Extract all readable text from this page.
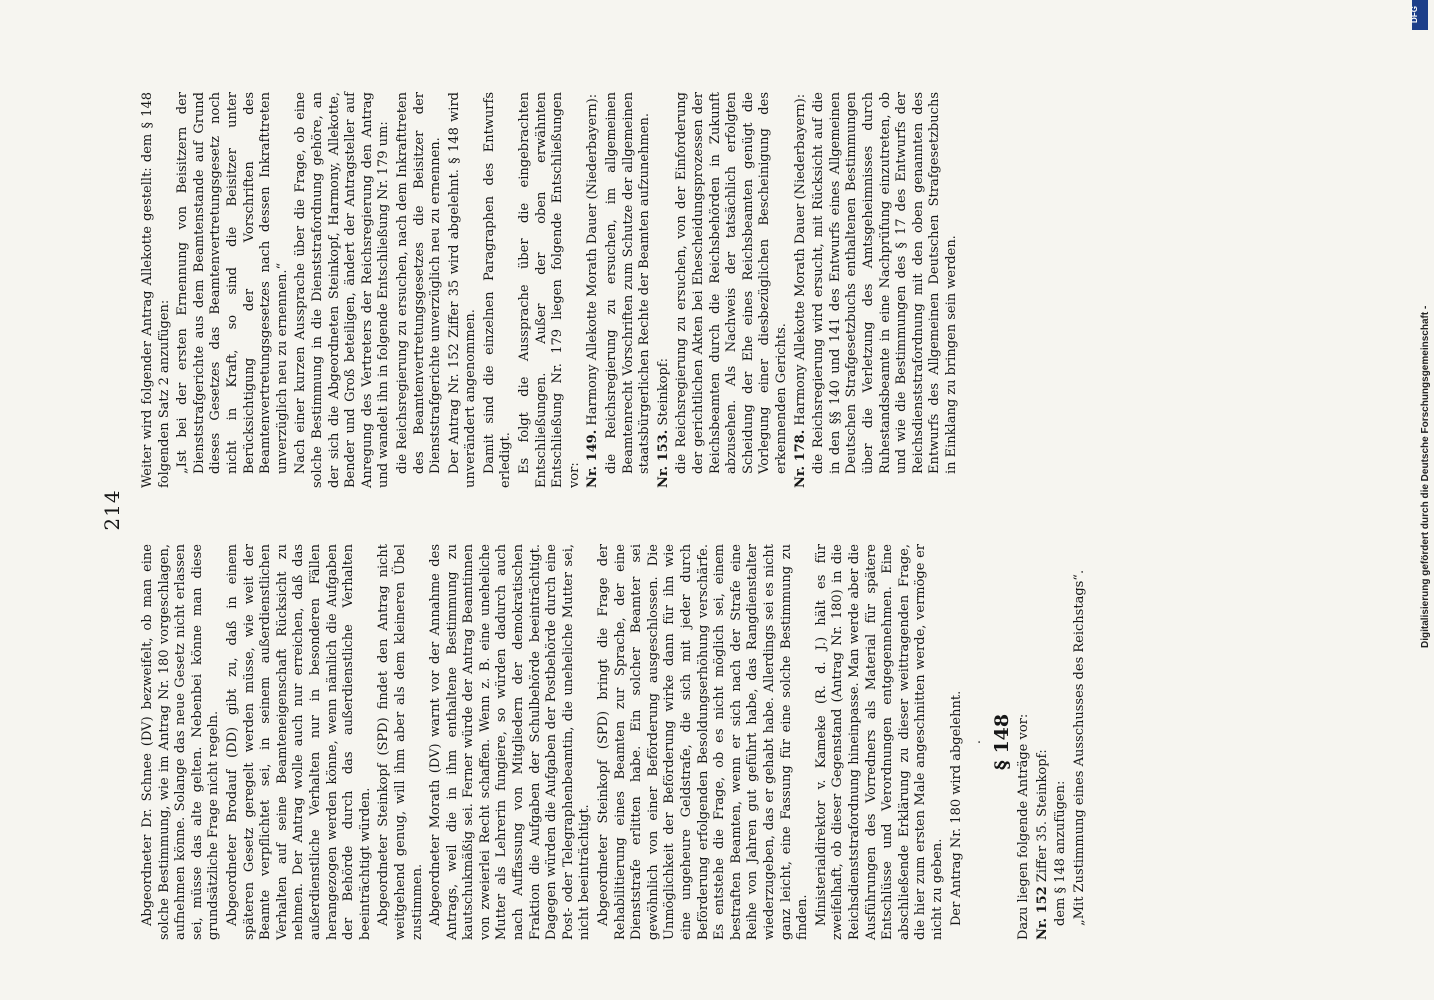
214

Abgeordneter Dr. Schnee (DV) bezweifelt, ob man eine solche Bestimmung, wie im Antrag Nr. 180 vorgeschlagen, aufnehmen könne. Solange das neue Gesetz nicht erlassen sei, müsse das alte gelten. Nebenbei könne man diese grundsätzliche Frage nicht regeln. Abgeordneter Brodauf (DD) gibt zu, daß in einem späteren Gesetz geregelt werden müsse, wie weit der Beamte verpflichtet sei, in seinem außerdienstlichen Verhalten auf seine Beamteneigenschaft Rücksicht zu nehmen. Der Antrag wolle auch nur erreichen, daß das außerdienstliche Verhalten nur in besonderen Fällen herangezogen werden könne, wenn nämlich die Aufgaben der Behörde durch das außerdienstliche Verhalten beeinträchtigt würden. Abgeordneter Steinkopf (SPD) findet den Antrag nicht weitgehend genug, will ihm aber als dem kleineren Übel zustimmen. Abgeordneter Morath (DV) warnt vor der Annahme des Antrags, weil die in ihm enthaltene Bestimmung zu kautschukmäßig sei. Ferner würde der Antrag Beamtinnen von zweierlei Recht schaffen. Wenn z. B. eine uneheliche Mutter als Lehrerin fungiere, so würden dadurch auch nach Auffassung von Mitgliedern der demokratischen Fraktion die Aufgaben der Schulbehörde beeinträchtigt. Dagegen würden die Aufgaben der Postbehörde durch eine Post- oder Telegraphenbeamtin, die uneheliche Mutter sei, nicht beeinträchtigt. Abgeordneter Steinkopf (SPD) bringt die Frage der Rehabilitierung eines Beamten zur Sprache, der eine Dienststrafe erlitten habe. Ein solcher Beamter sei gewöhnlich von einer Beförderung ausgeschlossen. Die Unmöglichkeit der Beförderung wirke dann für ihn wie eine ungeheure Geldstrafe, die sich mit jeder durch Beförderung erfolgenden Besoldungserhöhung verschärfe. Es entstehe die Frage, ob es nicht möglich sei, einem bestraften Beamten, wenn er sich nach der Strafe eine Reihe von Jahren gut geführt habe, das Rangdienstalter wiederzugeben, das er gehabt habe. Allerdings sei es nicht ganz leicht, eine Fassung für eine solche Bestimmung zu finden. Ministerialdirektor v. Kameke (R. d. J.) hält es für zweifelhaft, ob dieser Gegenstand (Antrag Nr. 180) in die Reichsdienststrafordnung hineinpasse. Man werde aber die Ausführungen des Vorredners als Material für spätere Entschlüsse und Verordnungen entgegennehmen. Eine abschließende Erklärung zu dieser weittragenden Frage, die hier zum ersten Male angeschnitten werde, vermöge er nicht zu geben. Der Antrag Nr. 180 wird abgelehnt. . § 148 Dazu liegen folgende Anträge vor: Nr. 152 Ziffer 35. Steinkopf: dem § 148 anzufügen: „Mit Zustimmung eines Ausschusses des Reichstags“.

Weiter wird folgender Antrag Allekotte gestellt: dem § 148 folgenden Satz 2 anzufügen: „Ist bei der ersten Ernennung von Beisitzern der Dienststrafgerichte aus dem Beamtenstande auf Grund dieses Gesetzes das Beamtenvertretungsgesetz noch nicht in Kraft, so sind die Beisitzer unter Berücksichtigung der Vorschriften des Beamtenvertretungsgesetzes nach dessen Inkrafttreten unverzüglich neu zu ernennen.“ Nach einer kurzen Aussprache über die Frage, ob eine solche Bestimmung in die Dienststrafordnung gehöre, an der sich die Abgeordneten Steinkopf, Harmony, Allekotte, Bender und Groß beteiligen, ändert der Antragsteller auf Anregung des Vertreters der Reichsregierung den Antrag und wandelt ihn in folgende Entschließung Nr. 179 um: die Reichsregierung zu ersuchen, nach dem Inkrafttreten des Beamtenvertretungsgesetzes die Beisitzer der Dienststrafgerichte unverzüglich neu zu ernennen. Der Antrag Nr. 152 Ziffer 35 wird abgelehnt. § 148 wird unverändert angenommen. Damit sind die einzelnen Paragraphen des Entwurfs erledigt. Es folgt die Aussprache über die eingebrachten Entschließungen. Außer der oben erwähnten Entschließung Nr. 179 liegen folgende Entschließungen vor: Nr. 149. Harmony Allekotte Morath Dauer (Niederbayern): die Reichsregierung zu ersuchen, im allgemeinen Beamtenrecht Vorschriften zum Schutze der allgemeinen staatsbürgerlichen Rechte der Beamten aufzunehmen. Nr. 153. Steinkopf: die Reichsregierung zu ersuchen, von der Einforderung der gerichtlichen Akten bei Ehescheidungsprozessen der Reichsbeamten durch die Reichsbehörden in Zukunft abzusehen. Als Nachweis der tatsächlich erfolgten Scheidung der Ehe eines Reichsbeamten genügt die Vorlegung einer diesbezüglichen Bescheinigung des erkennenden Gerichts. Nr. 178. Harmony Allekotte Morath Dauer (Niederbayern): die Reichsregierung wird ersucht, mit Rücksicht auf die in den §§ 140 und 141 des Entwurfs eines Allgemeinen Deutschen Strafgesetzbuchs enthaltenen Bestimmungen über die Verletzung des Amtsgeheimnisses durch Ruhestandsbeamte in eine Nachprüfung einzutreten, ob und wie die Bestimmungen des § 17 des Entwurfs der Reichsdienststrafordnung mit den oben genannten des Entwurfs des Allgemeinen Deutschen Strafgesetzbuchs in Einklang zu bringen sein werden.	Digitalisierung gefördert durch die Deutsche Forschungsgemeinschaft -
DFG
